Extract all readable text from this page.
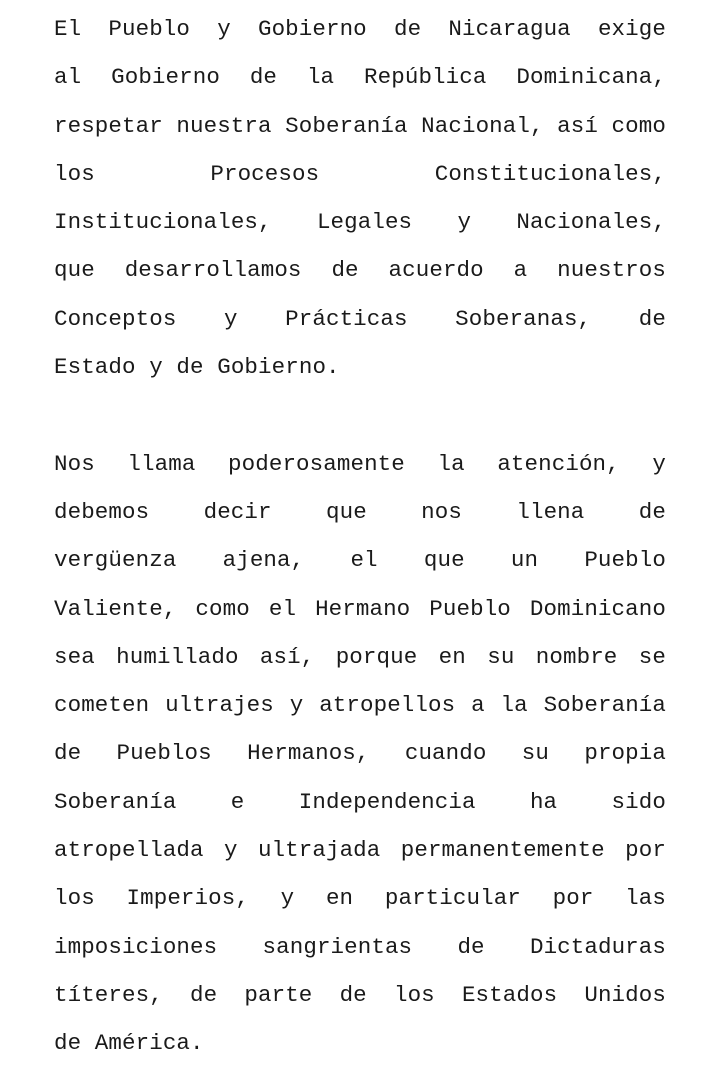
El Pueblo y Gobierno de Nicaragua exige
al Gobierno de la República Dominicana,
respetar nuestra Soberanía Nacional, así como
los	Procesos	Constitucionales,
Institucionales, Legales y Nacionales,
que desarrollamos de acuerdo a nuestros
Conceptos y Prácticas Soberanas, de
Estado y de Gobierno.
Nos llama poderosamente la atención, y
debemos decir que nos llena de
vergüenza ajena, el que un Pueblo
Valiente, como el Hermano Pueblo Dominicano
sea humillado así, porque en su nombre se
cometen ultrajes y atropellos a la Soberanía
de Pueblos Hermanos, cuando su propia
Soberanía e Independencia ha sido
atropellada y ultrajada permanentemente por
los Imperios, y en particular por las
imposiciones sangrientas de Dictaduras
títeres, de parte de los Estados Unidos
de América.
